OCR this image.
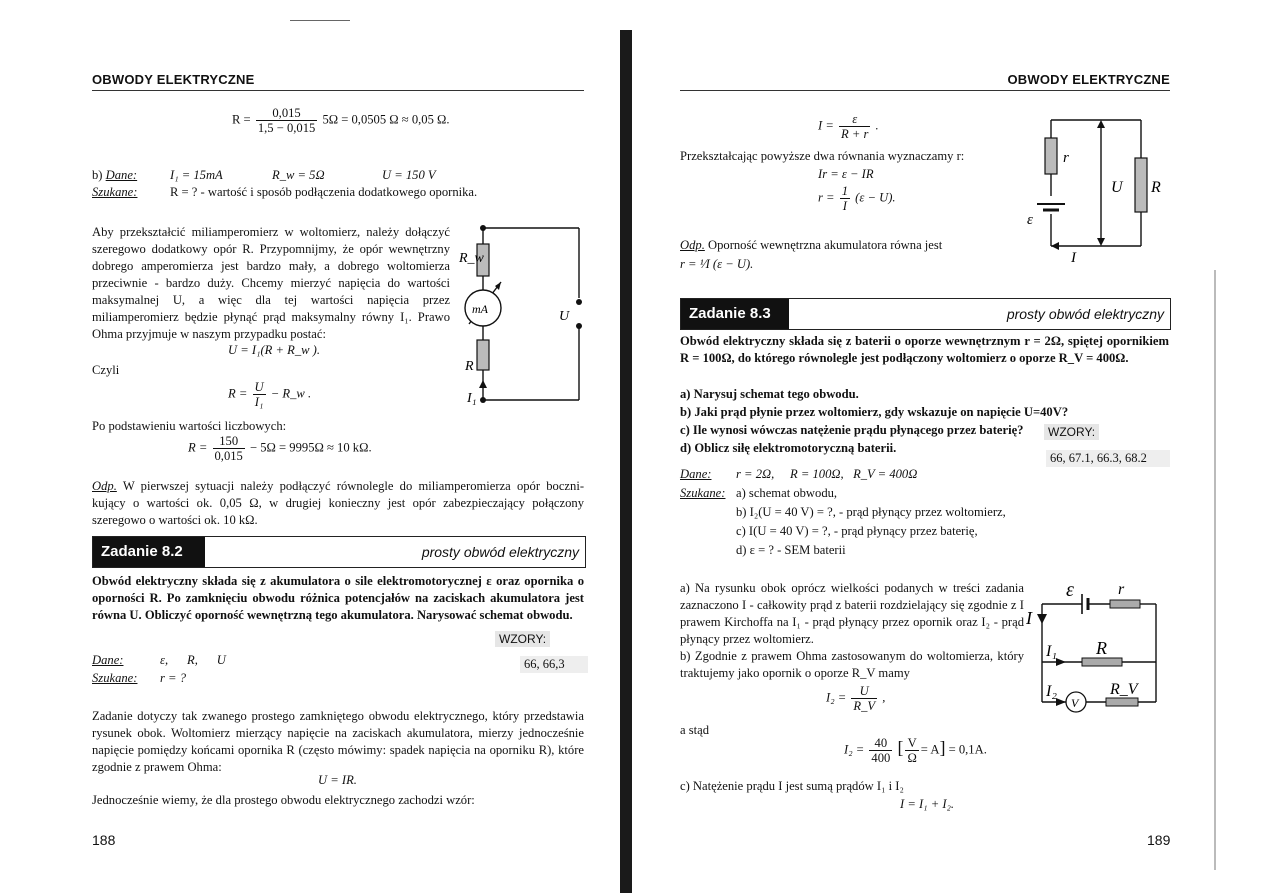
OBWODY ELEKTRYCZNE
$R = \frac{0,015}{1,5 - 0,015} 5\Omega = 0,0505$ Ω ≈ 0,05 Ω.
b) Dane:	I₁ = 15mA	R_w = 5Ω	U = 150 V
Szukane:	R = ? - wartość i sposób podłączenia dodatkowego opornika.
Aby przekształcić miliamperomierz w woltomierz, należy dołączyć szeregowo dodatkowy opór R. Przypomnijmy, że opór wewnętrzny dobrego amperomierza jest bardzo mały, a dobrego woltomierza przeciwnie - bardzo duży. Chcemy mierzyć napięcia do wartości maksymalnej U, a więc dla tej wartości napięcia przez miliamperomierz będzie płynąć prąd maksymalny równy I₁. Prawo Ohma przyjmuje w naszym przypadku postać:
U = I₁(R + R_w ).
Czyli
$R = \frac{U}{\text{I₁}}$ − R_w .
R_w
mA	U
R
I₁
Po podstawieniu wartości liczbowych:
$R = \frac{150}{0,015} - 5\Omega = 9995\Omega \approx 10$ kΩ.
Odp. W pierwszej sytuacji należy podłączyć równolegle do miliamperomierza opór boczni- kujący o wartości ok. 0,05 Ω, w drugiej konieczny jest opór zabezpieczający połączony szeregowo o wartości ok. 10 kΩ.
Zadanie 8.2	prosty obwód elektryczny
Obwód elektryczny składa się z akumulatora o sile elektromotorycznej ε oraz opornika o oporności R. Po zamknięciu obwodu różnica potencjałów na zaciskach akumulatora jest równa U. Obliczyć oporność wewnętrzną tego akumulatora. Narysować schemat obwodu.
WZORY:
66, 66,3
Dane:	ε,      R,      U
Szukane: r = ?
Zadanie dotyczy tak zwanego prostego zamkniętego obwodu elektrycznego, który przedstawia rysunek obok. Woltomierz mierzący napięcie na zaciskach akumulatora, mierzy jednocześnie napięcie pomiędzy końcami opornika R (często mówimy: spadek napięcia na oporniku R), które zgodnie z prawem Ohma:
U = IR.
Jednocześnie wiemy, że dla prostego obwodu elektrycznego zachodzi wzór:
188
OBWODY ELEKTRYCZNE
$I = \frac{\varepsilon}{R + r}$ .
Przekształcając powyższe dwa równania wyznaczamy r:
Ir = ε − IR
$r = \frac{1}{I} (\varepsilon - U)$.
Odp. Oporność wewnętrzna akumulatora równa jest
r = ¹⁄I (ε − U).
r
U R
ε
I
Zadanie 8.3	prosty obwód elektryczny
Obwód elektryczny składa się z baterii o oporze wewnętrznym r = 2Ω, spiętej opornikiem R = 100Ω, do którego równolegle jest podłączony woltomierz o oporze R_V = 400Ω.
a) Narysuj schemat tego obwodu.
b) Jaki prąd płynie przez woltomierz, gdy wskazuje on napięcie U=40V?
c) Ile wynosi wówczas natężenie prądu płynącego przez baterię?
d) Oblicz siłę elektromotoryczną baterii.
WZORY:
66, 67.1, 66.3, 68.2
Dane: r = 2Ω,     R = 100Ω,   R_V = 400Ω
Szukane: a) schemat obwodu,
b) I₂(U = 40 V) = ?, - prąd płynący przez woltomierz,
c) I(U = 40 V) = ?, - prąd płynący przez baterię,
d) ε = ? - SEM baterii
a) Na rysunku obok oprócz wielkości podanych w treści zadania zaznaczono I - całkowity prąd z baterii rozdzielający się zgodnie z I prawem Kirchoffa na I₁ - prąd płynący przez opornik oraz I₂ - prąd płynący przez woltomierz.
b) Zgodnie z prawem Ohma zastosowanym do woltomierza, który traktujemy jako opornik o oporze R_V mamy
$I_2 = \frac{U}{R\_V}$ ,
a stąd
$I_2 = \frac{40}{400}$ [ $\frac{V}{\Omega} = A] = 0,1A$.
c) Natężenie prądu I jest sumą prądów I₁ i I₂
I = I₁ + I₂.
ε	r
I
I₁ R
I₂
V
R_V
189
